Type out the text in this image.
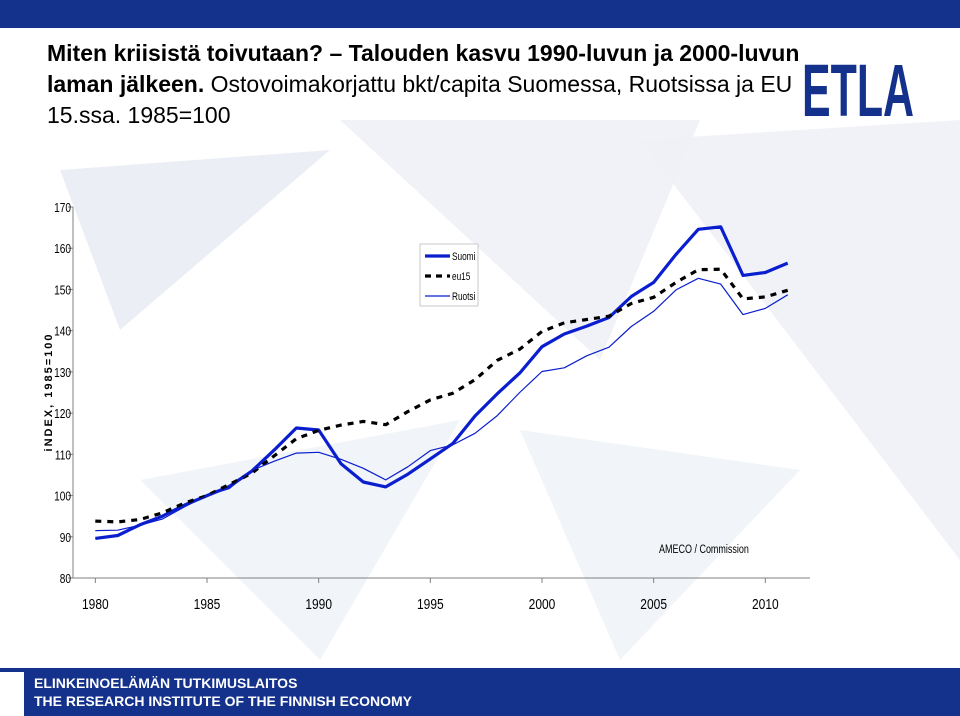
Miten kriisistä toivutaan? – Talouden kasvu 1990-luvun ja 2000-luvun laman jälkeen. Ostovoimakorjattu bkt/capita Suomessa, Ruotsissa ja EU 15.ssa. 1985=100	ETLA
80
90
100
110
120
130
140
150
160
170
1980	1985	1990	1995	2000	2005	2010
iNDEX, 1985=100
Suomi
eu15
Ruotsi
AMECO / Commission
ELINKEINOELÄMÄN TUTKIMUSLAITOS
THE RESEARCH INSTITUTE OF THE FINNISH ECONOMY
